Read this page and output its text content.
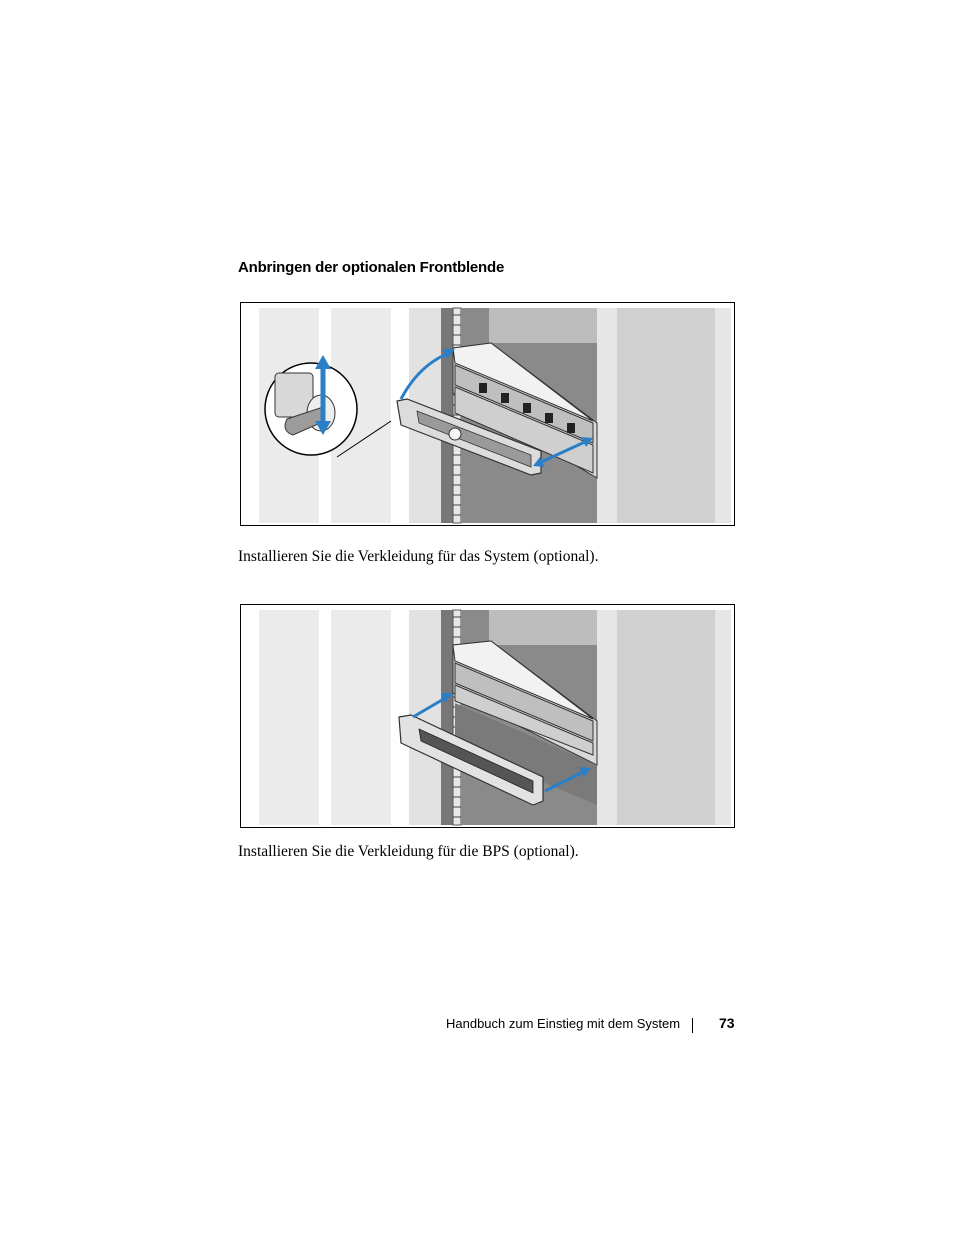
Anbringen der optionalen Frontblende
Installieren Sie die Verkleidung für das System (optional).
Installieren Sie die Verkleidung für die BPS (optional).
Handbuch zum Einstieg mit dem System	73
